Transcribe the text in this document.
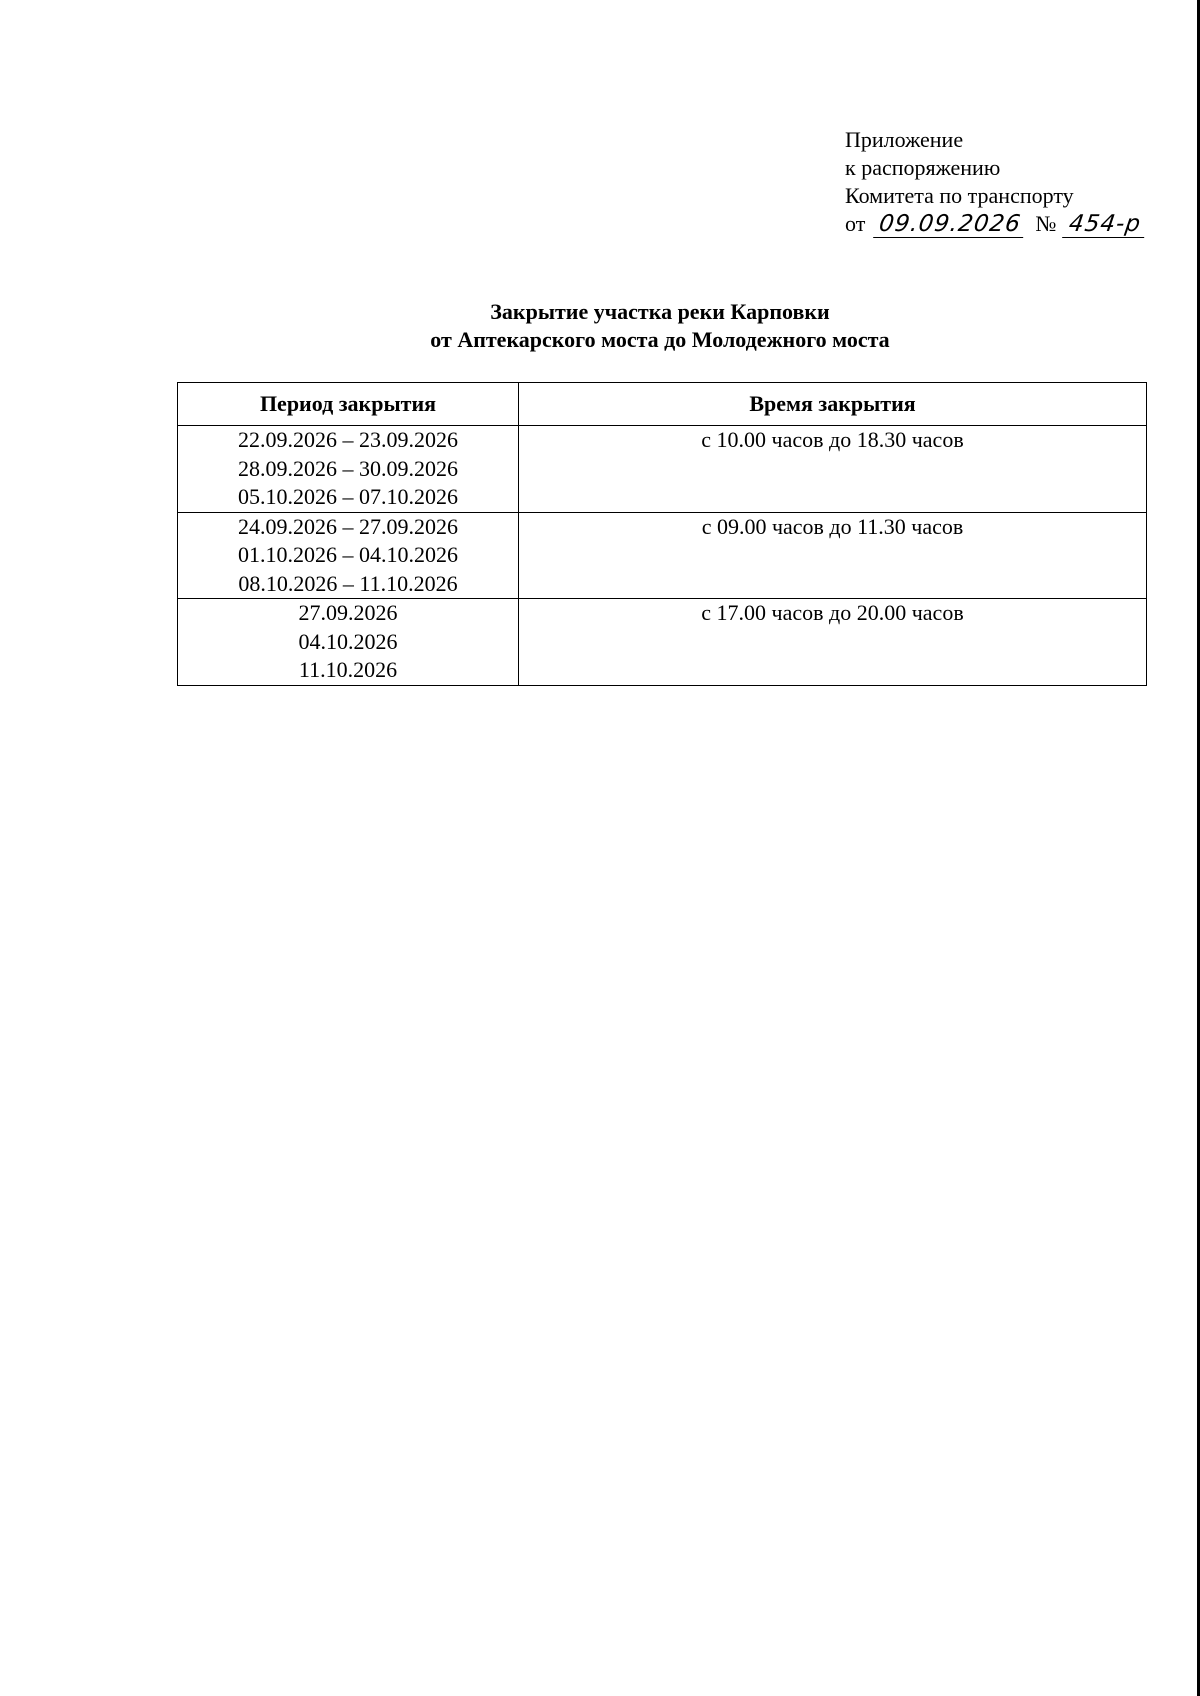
Приложение
к распоряжению
Комитета по транспорту
от 09.09.2026 № 454-р
Закрытие участка реки Карповки
от Аптекарского моста до Молодежного моста
Период закрытия	Время закрытия

22.09.2026 – 23.09.2026
28.09.2026 – 30.09.2026
05.10.2026 – 07.10.2026	с 10.00 часов до 18.30 часов

24.09.2026 – 27.09.2026
01.10.2026 – 04.10.2026
08.10.2026 – 11.10.2026	с 09.00 часов до 11.30 часов

27.09.2026
04.10.2026
11.10.2026	с 17.00 часов до 20.00 часов
